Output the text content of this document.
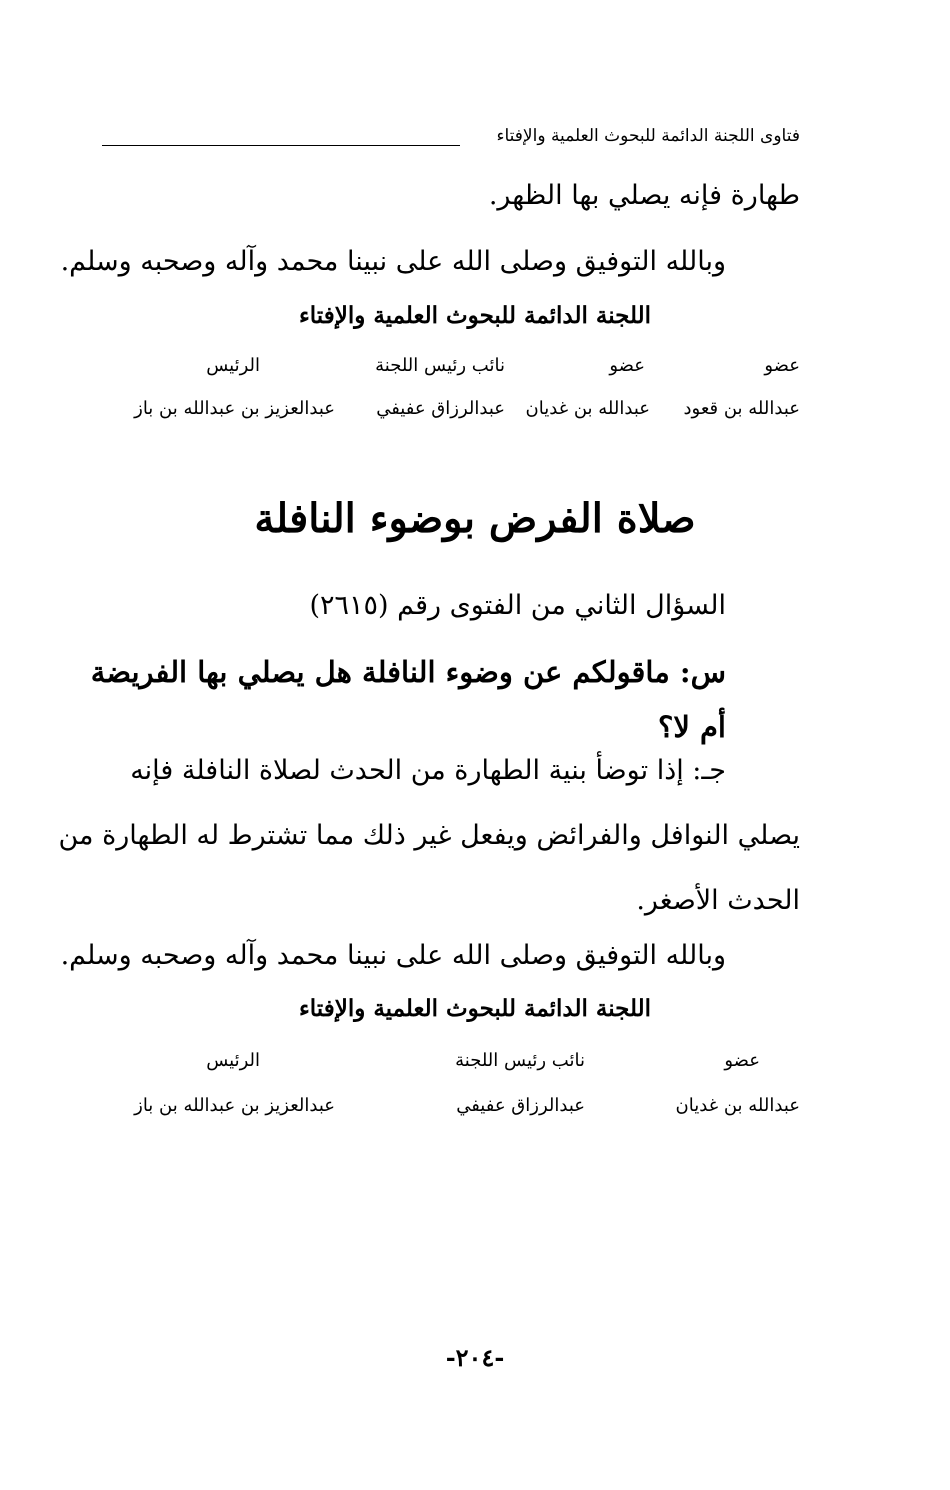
فتاوى اللجنة الدائمة للبحوث العلمية والإفتاء
طهارة فإنه يصلي بها الظهر.
وبالله التوفيق وصلى الله على نبينا محمد وآله وصحبه وسلم.
اللجنة الدائمة للبحوث العلمية والإفتاء
عضو
عضو
نائب رئيس اللجنة
الرئيس
عبدالله بن قعود
عبدالله بن غديان
عبدالرزاق عفيفي
عبدالعزيز بن عبدالله بن باز
صلاة الفرض بوضوء النافلة
السؤال الثاني من الفتوى رقم (٢٦١٥)
س: ماقولكم عن وضوء النافلة هل يصلي بها الفريضة
أم لا؟
جـ: إذا توضأ بنية الطهارة من الحدث لصلاة النافلة فإنه
يصلي النوافل والفرائض ويفعل غير ذلك مما تشترط له الطهارة من
الحدث الأصغر.
وبالله التوفيق وصلى الله على نبينا محمد وآله وصحبه وسلم.
اللجنة الدائمة للبحوث العلمية والإفتاء
عضو
نائب رئيس اللجنة
الرئيس
عبدالله بن غديان
عبدالرزاق عفيفي
عبدالعزيز بن عبدالله بن باز
-٢٠٤-
